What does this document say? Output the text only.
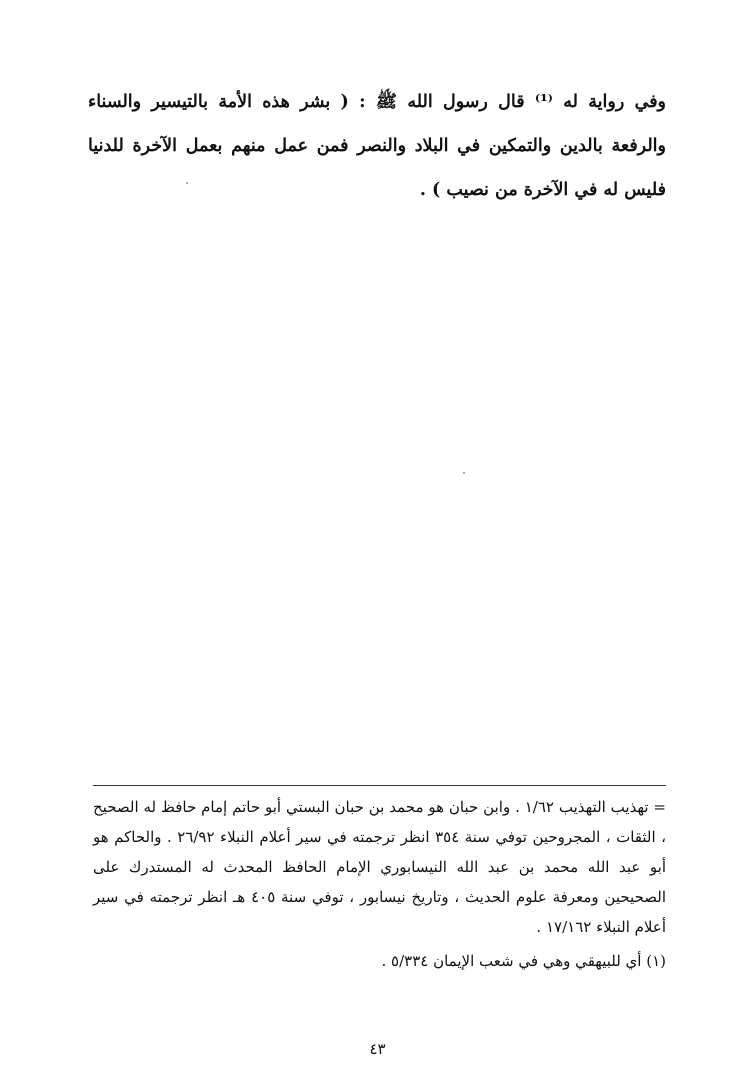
وفي رواية له ⁽¹⁾ قال رسول الله ﷺ : ( بشر هذه الأمة بالتيسير والسناء والرفعة بالدين والتمكين في البلاد والنصر فمن عمل منهم بعمل الآخرة للدنيا فليس له في الآخرة من نصيب ) .

= تهذيب التهذيب ١/٦٢ . وابن حبان هو محمد بن حبان البستي أبو حاتم إمام حافظ له الصحيح ، الثقات ، المجروحين توفي سنة ٣٥٤ انظر ترجمته في سير أعلام النبلاء ٢٦/٩٢ . والحاكم هو أبو عبد الله محمد بن عبد الله النيسابوري الإمام الحافظ المحدث له المستدرك على الصحيحين ومعرفة علوم الحديث ، وتاريخ نيسابور ، توفي سنة ٤٠٥ هـ انظر ترجمته في سير أعلام النبلاء ١٧/١٦٢ .

(١) أي للبيهقي وهي في شعب الإيمان ٥/٣٣٤ .

٤٣
